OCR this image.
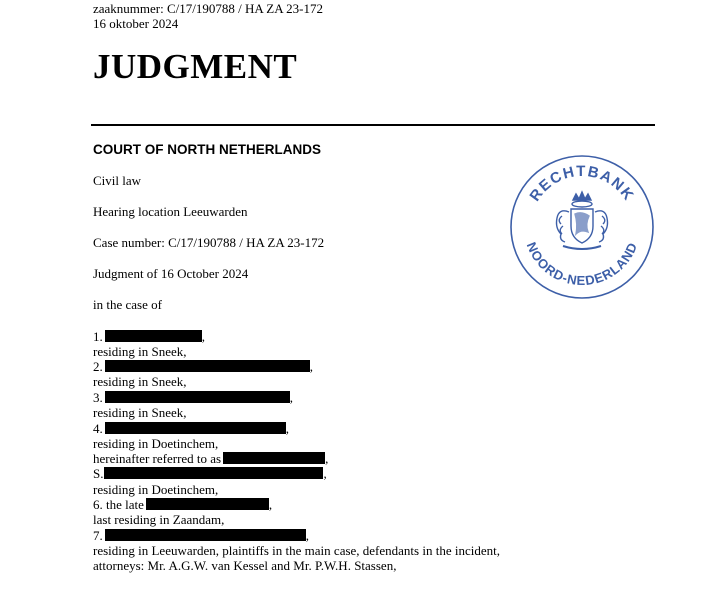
zaaknummer: C/17/190788 / HA ZA 23-172
16 oktober 2024
JUDGMENT
COURT OF NORTH NETHERLANDS
RECHTBANK
NOORD-NEDERLAND
Civil law
Hearing location Leeuwarden
Case number: C/17/190788 / HA ZA 23-172
Judgment of 16 October 2024
in the case of
1.	,
residing in Sneek,
2.	,
residing in Sneek,
3.	,
residing in Sneek,
4.	,
residing in Doetinchem,
hereinafter referred to as	,
S.	,
residing in Doetinchem,
6. the late	,
last residing in Zaandam,
7.	,
residing in Leeuwarden, plaintiffs in the main case, defendants in the incident,
attorneys: Mr. A.G.W. van Kessel and Mr. P.W.H. Stassen,
